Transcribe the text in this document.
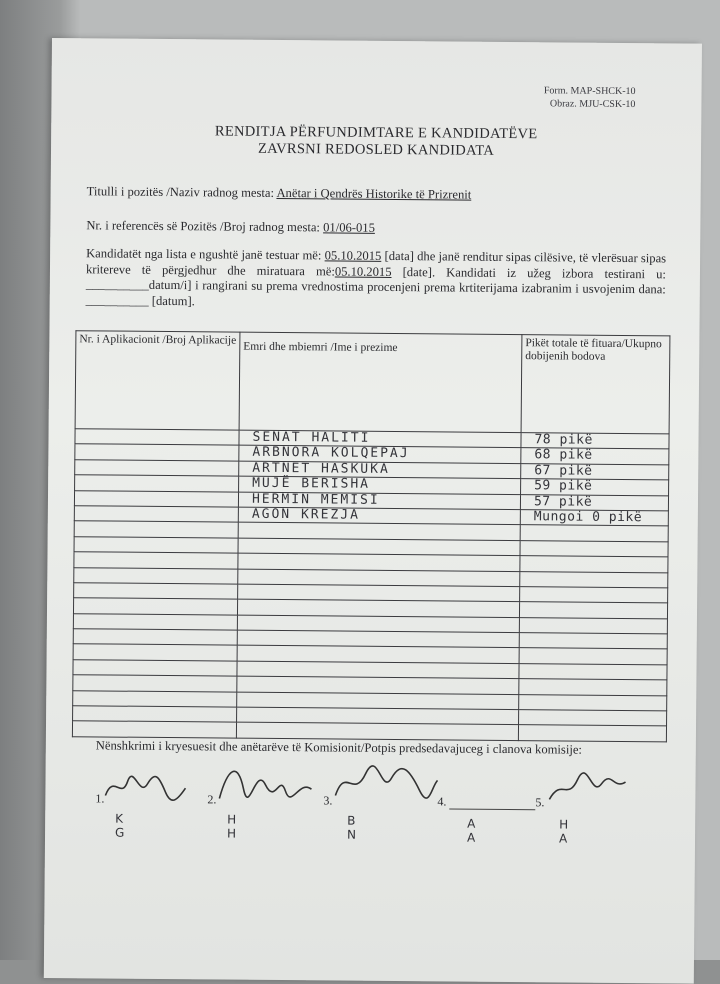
Form. MAP-SHCK-10
Obraz. MJU-CSK-10
RENDITJA PËRFUNDIMTARE E KANDIDATËVE
ZAVRSNI REDOSLED KANDIDATA
Titulli i pozitës /Naziv radnog mesta: Anëtar i Qendrës Historike të Prizrenit
Nr. i referencës së Pozitës /Broj radnog mesta: 01/06-015
Kandidatët nga lista e ngushtë janë testuar më: 05.10.2015 [data] dhe janë renditur sipas cilësive, të vlerësuar sipas kritereve të përgjedhur dhe miratuara më:05.10.2015 [date]. Kandidati iz užeg izbora testirani u: __________datum/i] i rangirani su prema vrednostima procenjeni prema krtiterijama izabranim i usvojenim dana: __________ [datum].
Nr. i Aplikacionit /Broj Aplikacije	Emri dhe mbiemri /Ime i prezime	Pikët totale të fituara/Ukupno dobijenih bodova
	SENAT HALITI	78 pikë
	ARBNORA KOLQEPAJ	68 pikë
	ARTNET HASKUKA	67 pikë
	MUJË BERISHA	59 pikë
	HERMIN MEMISI	57 pikë
	AGON KREZJA	Mungoi 0 pikë

Nënshkrimi i kryesuesit dhe anëtarëve të Komisionit/Potpis predsedavajuceg i clanova komisije:
1.
K G
2.
H H
3.
B N
4.
A A
5.
H A
